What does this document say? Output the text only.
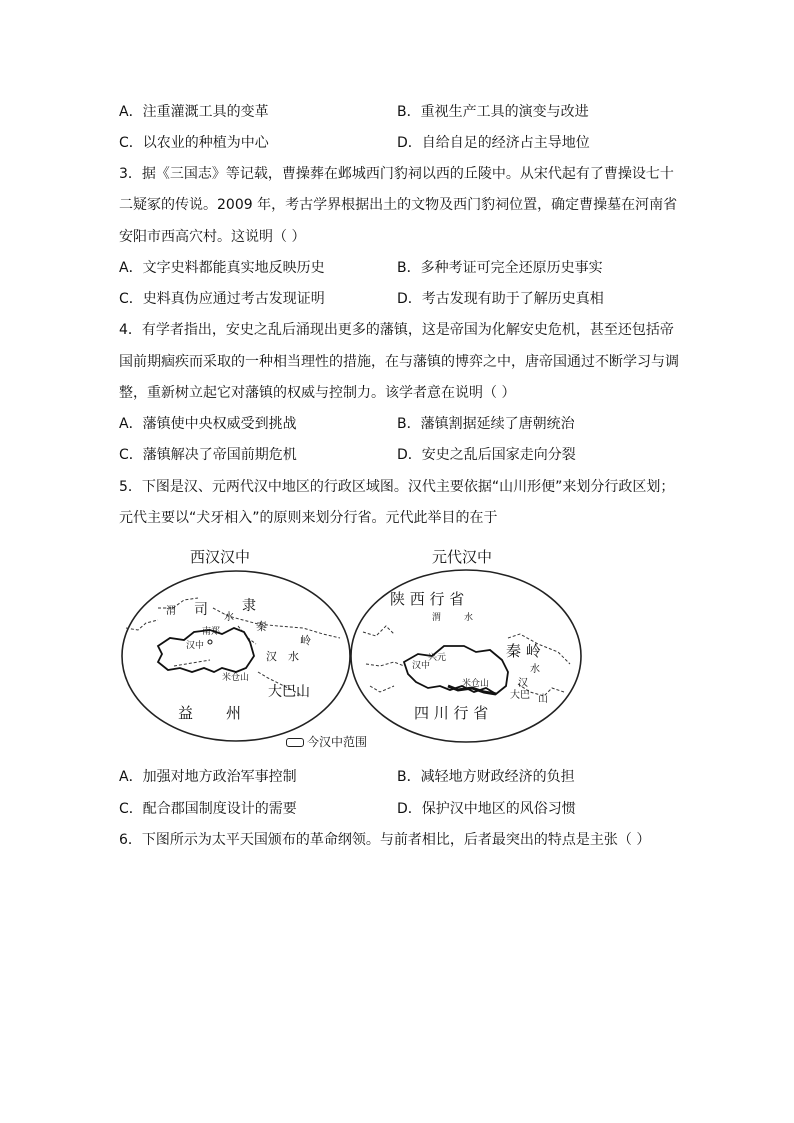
A．注重灌溉工具的变革	B．重视生产工具的演变与改进
C．以农业的种植为中心	D．自给自足的经济占主导地位
3．据《三国志》等记载，曹操葬在邺城西门豹祠以西的丘陵中。从宋代起有了曹操设七十
二疑冢的传说。2009 年，考古学界根据出土的文物及西门豹祠位置，确定曹操墓在河南省
安阳市西高穴村。这说明（ ）
A．文字史料都能真实地反映历史	B．多种考证可完全还原历史事实
C．史料真伪应通过考古发现证明	D．考古发现有助于了解历史真相
4．有学者指出，安史之乱后涌现出更多的藩镇，这是帝国为化解安史危机，甚至还包括帝
国前期痼疾而采取的一种相当理性的措施，在与藩镇的博弈之中，唐帝国通过不断学习与调
整，重新树立起它对藩镇的权威与控制力。该学者意在说明（ ）
A．藩镇使中央权威受到挑战	B．藩镇割据延续了唐朝统治
C．藩镇解决了帝国前期危机	D．安史之乱后国家走向分裂
5．下图是汉、元两代汉中地区的行政区域图。汉代主要依据“山川形便”来划分行政区划；
元代主要以“犬牙相入”的原则来划分行省。元代此举目的在于
西汉汉中	元代汉中
渭 司 隶
水
秦
岭
南郑
汉中
汉 水
米仓山
大巴山
益 州
陕 西 行 省
渭	水
秦 岭
兴元
汉中	水
汉
米仓山
大巴 山
四 川 行 省
今汉中范围
A．加强对地方政治军事控制	B．减轻地方财政经济的负担
C．配合郡国制度设计的需要	D．保护汉中地区的风俗习惯
6．下图所示为太平天国颁布的革命纲领。与前者相比，后者最突出的特点是主张（ ）
